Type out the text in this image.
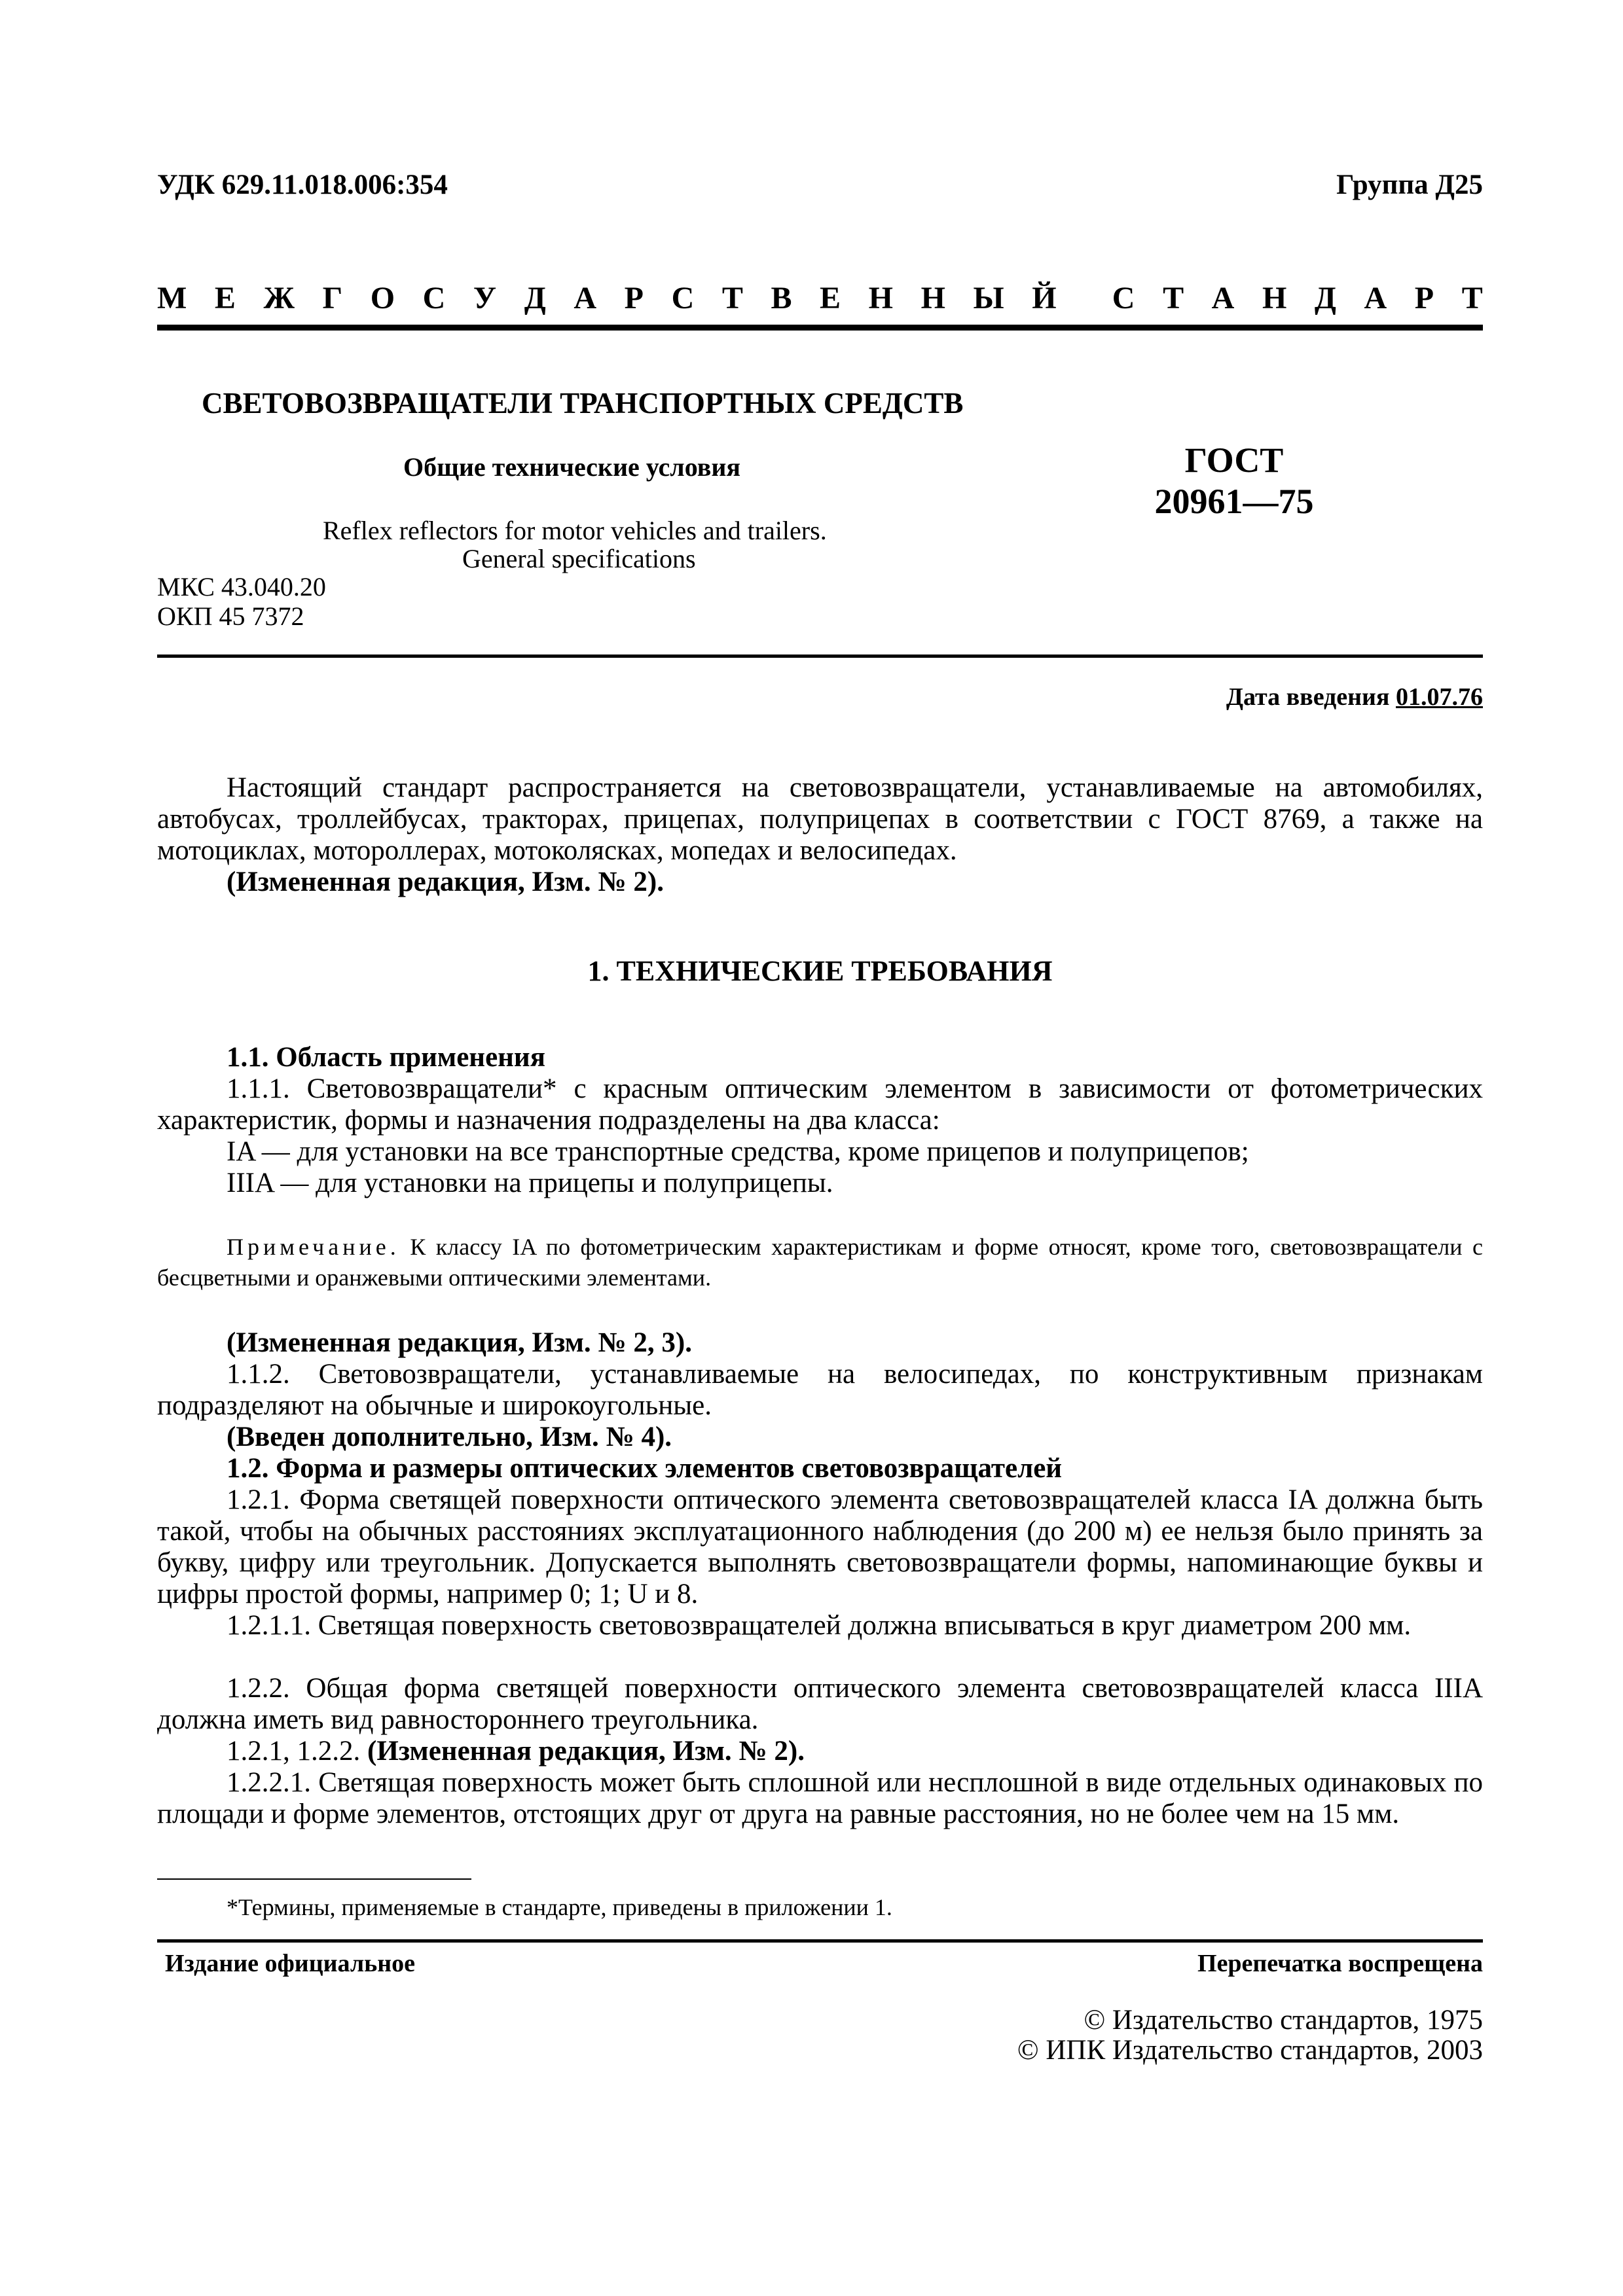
УДК 629.11.018.006:354	Группа Д25
М Е Ж Г О С У Д А Р С Т В Е Н Н Ы Й С Т А Н Д А Р Т
СВЕТОВОЗВРАЩАТЕЛИ ТРАНСПОРТНЫХ СРЕДСТВ
Общие технические условия
Reflex reflectors for motor vehicles and trailers.
General specifications
ГОСТ
20961—75
МКС 43.040.20
ОКП 45 7372
Дата введения 01.07.76
Настоящий стандарт распространяется на световозвращатели, устанавливаемые на автомобилях, автобусах, троллейбусах, тракторах, прицепах, полуприцепах в соответствии с ГОСТ 8769, а также на мотоциклах, мотороллерах, мотоколясках, мопедах и велосипедах.
(Измененная редакция, Изм. № 2).
1. ТЕХНИЧЕСКИЕ ТРЕБОВАНИЯ
1.1. Область применения
1.1.1. Световозвращатели* с красным оптическим элементом в зависимости от фотометрических характеристик, формы и назначения подразделены на два класса:
IA — для установки на все транспортные средства, кроме прицепов и полуприцепов;
IIIA — для установки на прицепы и полуприцепы.
Примечание. К классу IA по фотометрическим характеристикам и форме относят, кроме того, световозвращатели с бесцветными и оранжевыми оптическими элементами.
(Измененная редакция, Изм. № 2, 3).
1.1.2. Световозвращатели, устанавливаемые на велосипедах, по конструктивным признакам подразделяют на обычные и широкоугольные.
(Введен дополнительно, Изм. № 4).
1.2. Форма и размеры оптических элементов световозвращателей
1.2.1. Форма светящей поверхности оптического элемента световозвращателей класса IA должна быть такой, чтобы на обычных расстояниях эксплуатационного наблюдения (до 200 м) ее нельзя было принять за букву, цифру или треугольник. Допускается выполнять световозвращатели формы, напоминающие буквы и цифры простой формы, например 0; 1; U и 8.
1.2.1.1. Светящая поверхность световозвращателей должна вписываться в круг диаметром 200 мм.
1.2.2. Общая форма светящей поверхности оптического элемента световозвращателей класса IIIA должна иметь вид равностороннего треугольника.
1.2.1, 1.2.2. (Измененная редакция, Изм. № 2).
1.2.2.1. Светящая поверхность может быть сплошной или несплошной в виде отдельных одинаковых по площади и форме элементов, отстоящих друг от друга на равные расстояния, но не более чем на 15 мм.
*Термины, применяемые в стандарте, приведены в приложении 1.
Издание официальное	Перепечатка воспрещена
© Издательство стандартов, 1975
© ИПК Издательство стандартов, 2003
